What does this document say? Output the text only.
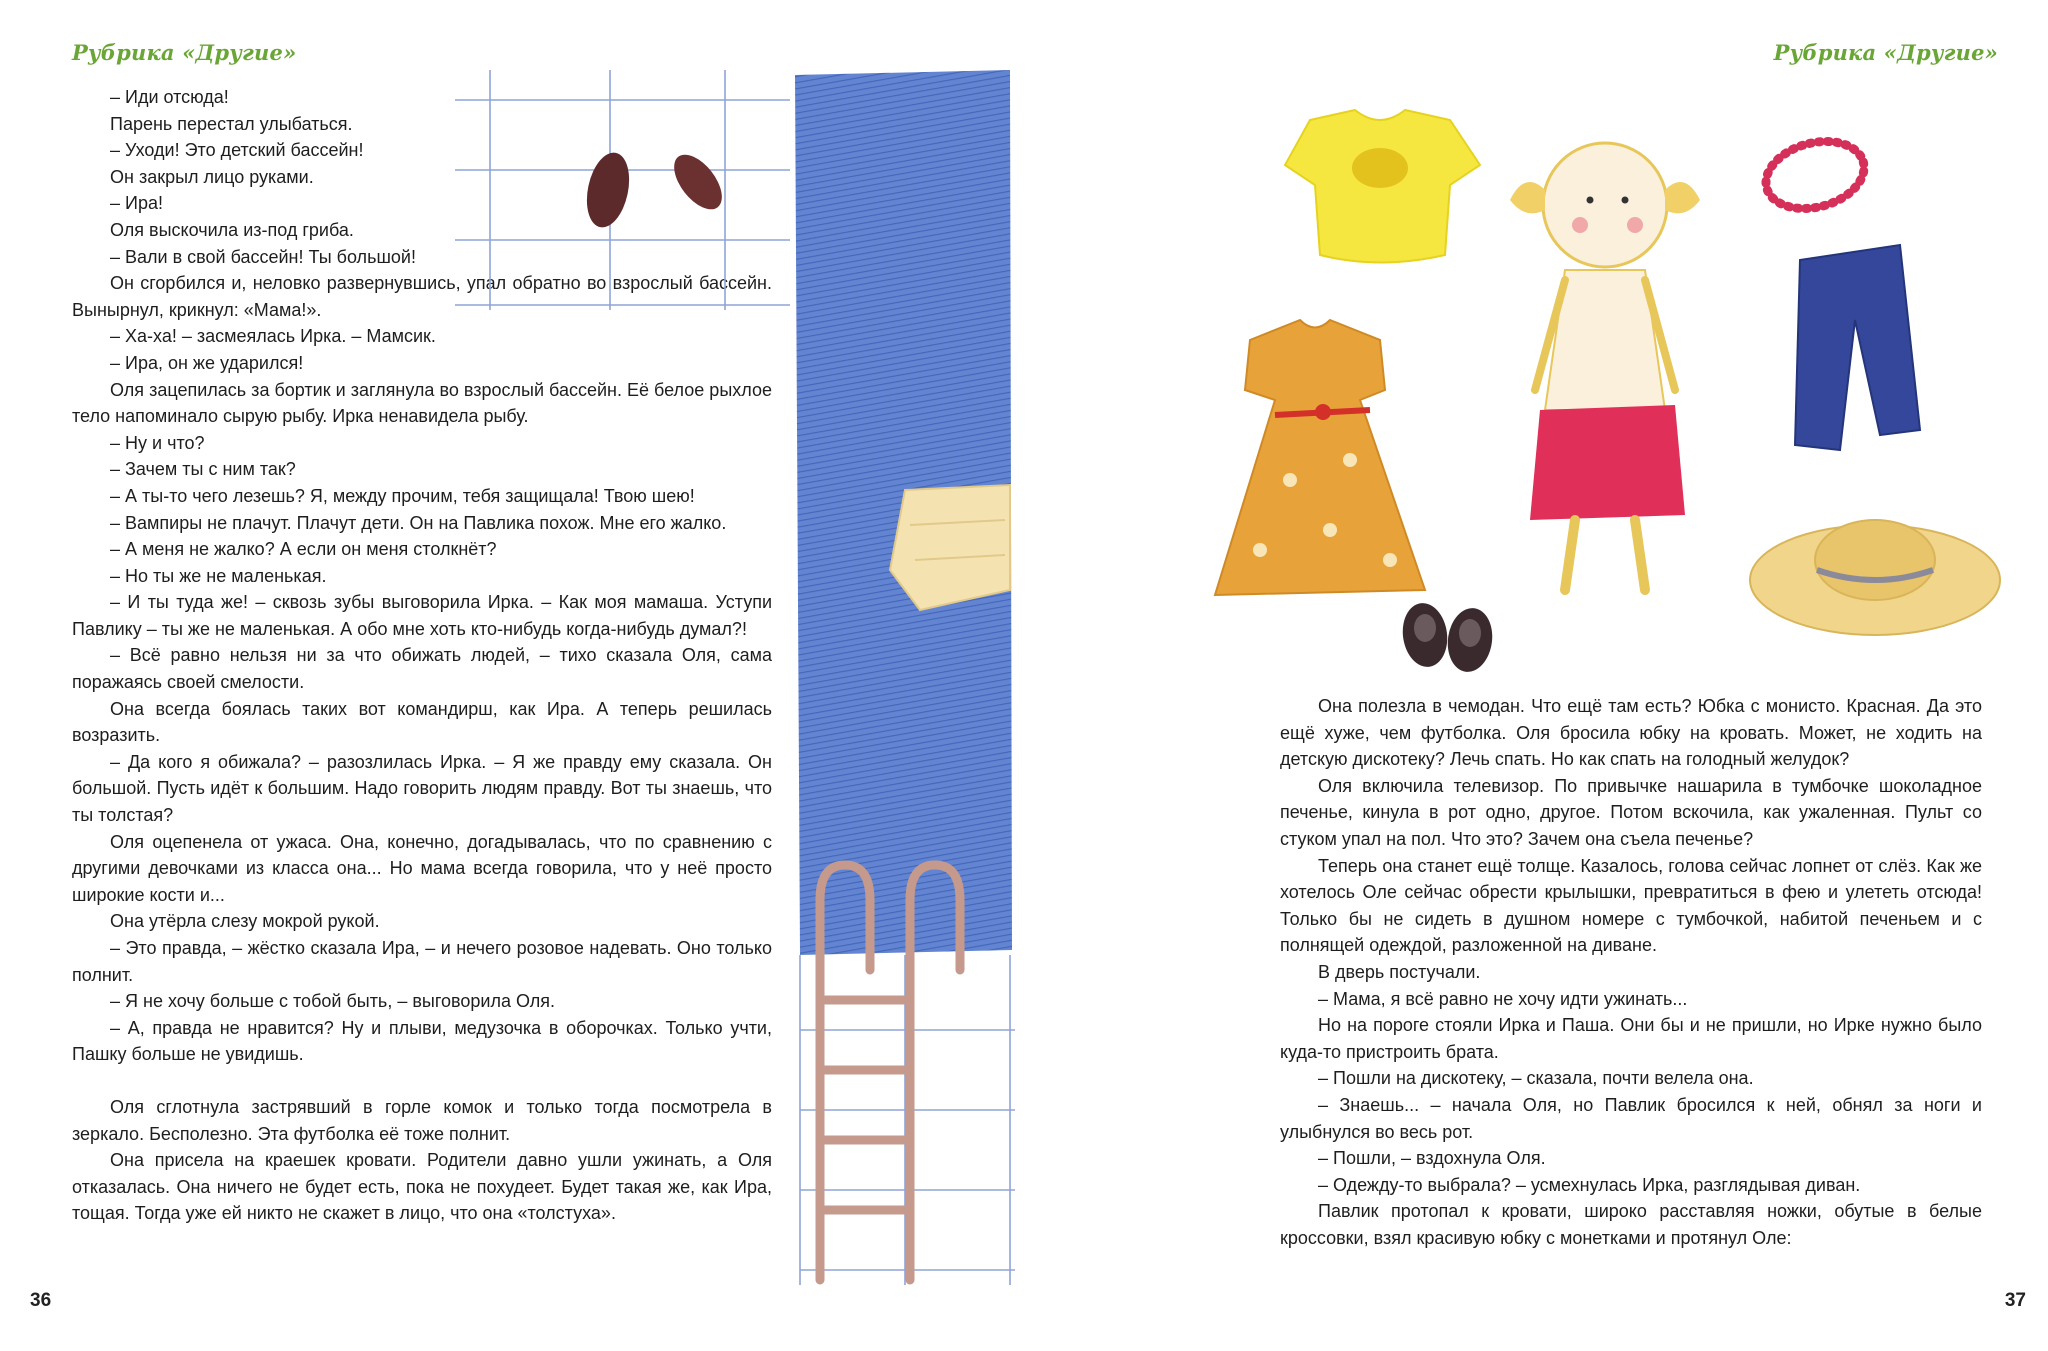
Рубрика «Другие»

– Иди отсюда!

Парень перестал улыбаться.

– Уходи! Это детский бассейн!

Он закрыл лицо руками.

– Ира!

Оля выскочила из-под гриба.

– Вали в свой бассейн! Ты большой!

Он сгорбился и, неловко развернувшись, упал обратно во взрослый бассейн. Вынырнул, крикнул: «Мама!».

– Ха-ха! – засмеялась Ирка. – Мамсик.

– Ира, он же ударился!

Оля зацепилась за бортик и заглянула во взрослый бассейн. Её белое рыхлое тело напоминало сырую рыбу. Ирка ненавидела рыбу.

– Ну и что?

– Зачем ты с ним так?

– А ты-то чего лезешь? Я, между прочим, тебя защищала! Твою шею!

– Вампиры не плачут. Плачут дети. Он на Павлика похож. Мне его жалко.

– А меня не жалко? А если он меня столкнёт?

– Но ты же не маленькая.

– И ты туда же! – сквозь зубы выговорила Ирка. – Как моя мамаша. Уступи Павлику – ты же не маленькая. А обо мне хоть кто-нибудь когда-нибудь думал?!

– Всё равно нельзя ни за что обижать людей, – тихо сказала Оля, сама поражаясь своей смелости.

Она всегда боялась таких вот командирш, как Ира. А теперь решилась возразить.

– Да кого я обижала? – разозлилась Ирка. – Я же правду ему сказала. Он большой. Пусть идёт к большим. Надо говорить людям правду. Вот ты знаешь, что ты толстая?

Оля оцепенела от ужаса. Она, конечно, догадывалась, что по сравнению с другими девочками из класса она... Но мама всегда говорила, что у неё просто широкие кости и...

Она утёрла слезу мокрой рукой.

– Это правда, – жёстко сказала Ира, – и нечего розовое надевать. Оно только полнит.

– Я не хочу больше с тобой быть, – выговорила Оля.

– А, правда не нравится? Ну и плыви, медузочка в оборочках. Только учти, Пашку больше не увидишь.

Оля сглотнула застрявший в горле комок и только тогда посмотрела в зеркало. Бесполезно. Эта футболка её тоже полнит.

Она присела на краешек кровати. Родители давно ушли ужинать, а Оля отказалась. Она ничего не будет есть, пока не похудеет. Будет такая же, как Ира, тощая. Тогда уже ей никто не скажет в лицо, что она «толстуха».

36
Рубрика «Другие»
37

Она полезла в чемодан. Что ещё там есть? Юбка с монисто. Красная. Да это ещё хуже, чем футболка. Оля бросила юбку на кровать. Может, не ходить на детскую дискотеку? Лечь спать. Но как спать на голодный желудок?

Оля включила телевизор. По привычке нашарила в тумбочке шоколадное печенье, кинула в рот одно, другое. Потом вскочила, как ужаленная. Пульт со стуком упал на пол. Что это? Зачем она съела печенье?

Теперь она станет ещё толще. Казалось, голова сейчас лопнет от слёз. Как же хотелось Оле сейчас обрести крылышки, превратиться в фею и улететь отсюда! Только бы не сидеть в душном номере с тумбочкой, набитой печеньем и с полнящей одеждой, разложенной на диване.

В дверь постучали.

– Мама, я всё равно не хочу идти ужинать...

Но на пороге стояли Ирка и Паша. Они бы и не пришли, но Ирке нужно было куда-то пристроить брата.

– Пошли на дискотеку, – сказала, почти велела она.

– Знаешь... – начала Оля, но Павлик бросился к ней, обнял за ноги и улыбнулся во весь рот.

– Пошли, – вздохнула Оля.

– Одежду-то выбрала? – усмехнулась Ирка, разглядывая диван.

Павлик протопал к кровати, широко расставляя ножки, обутые в белые кроссовки, взял красивую юбку с монетками и протянул Оле:
